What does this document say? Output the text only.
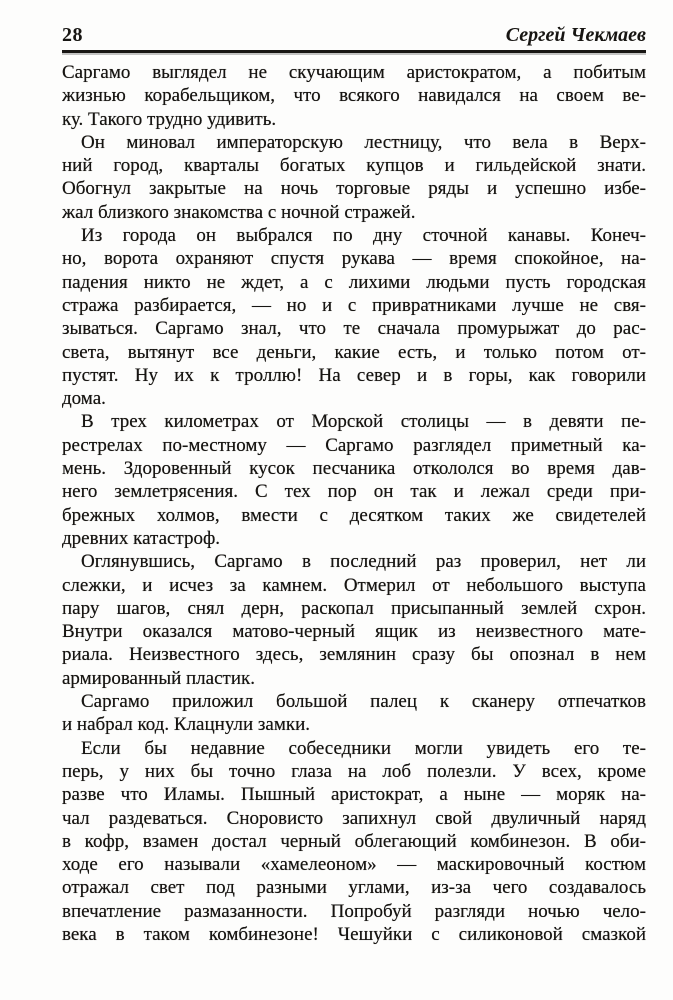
28	Сергей Чекмаев
Саргамо выглядел не скучающим аристократом, а побитым
жизнью корабельщиком, что всякого навидался на своем ве-
ку. Такого трудно удивить.
Он миновал императорскую лестницу, что вела в Верх-
ний город, кварталы богатых купцов и гильдейской знати.
Обогнул закрытые на ночь торговые ряды и успешно избе-
жал близкого знакомства с ночной стражей.
Из города он выбрался по дну сточной канавы. Конеч-
но, ворота охраняют спустя рукава — время спокойное, на-
падения никто не ждет, а с лихими людьми пусть городская
стража разбирается, — но и с привратниками лучше не свя-
зываться. Саргамо знал, что те сначала промурыжат до рас-
света, вытянут все деньги, какие есть, и только потом от-
пустят. Ну их к троллю! На север и в горы, как говорили
дома.
В трех километрах от Морской столицы — в девяти пе-
рестрелах по-местному — Саргамо разглядел приметный ка-
мень. Здоровенный кусок песчаника откололся во время дав-
него землетрясения. С тех пор он так и лежал среди при-
брежных холмов, вмести с десятком таких же свидетелей
древних катастроф.
Оглянувшись, Саргамо в последний раз проверил, нет ли
слежки, и исчез за камнем. Отмерил от небольшого выступа
пару шагов, снял дерн, раскопал присыпанный землей схрон.
Внутри оказался матово-черный ящик из неизвестного мате-
риала. Неизвестного здесь, землянин сразу бы опознал в нем
армированный пластик.
Саргамо приложил большой палец к сканеру отпечатков
и набрал код. Клацнули замки.
Если бы недавние собеседники могли увидеть его те-
перь, у них бы точно глаза на лоб полезли. У всех, кроме
разве что Иламы. Пышный аристократ, а ныне — моряк на-
чал раздеваться. Сноровисто запихнул свой двуличный наряд
в кофр, взамен достал черный облегающий комбинезон. В оби-
ходе его называли «хамелеоном» — маскировочный костюм
отражал свет под разными углами, из-за чего создавалось
впечатление размазанности. Попробуй разгляди ночью чело-
века в таком комбинезоне! Чешуйки с силиконовой смазкой
